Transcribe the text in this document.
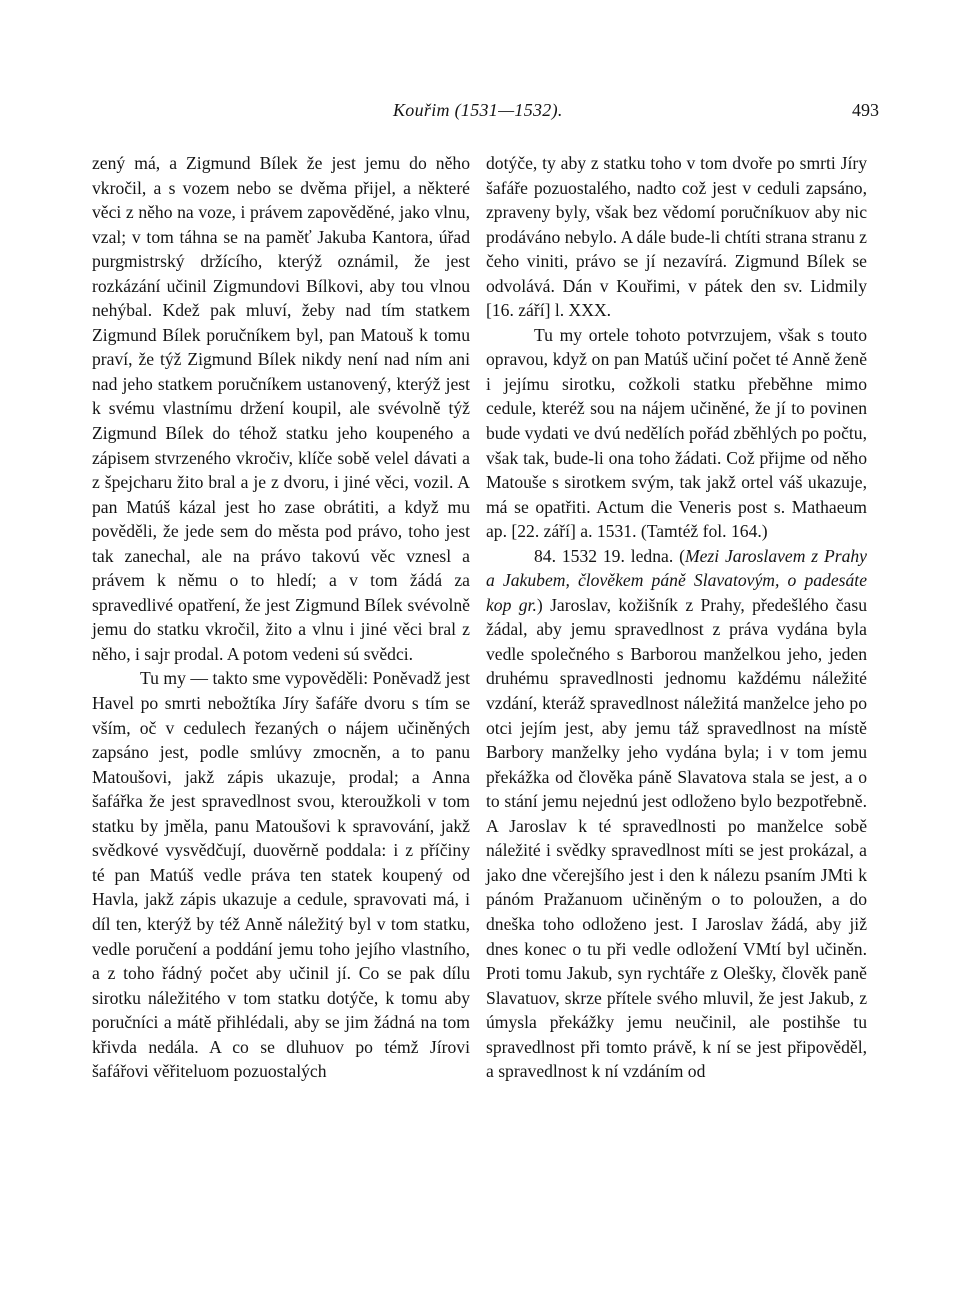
Kouřim (1531—1532).	493

zený má, a Zigmund Bílek že jest jemu do něho vkročil, a s vozem nebo se dvěma přijel, a některé věci z něho na voze, i právem zapověděné, jako vlnu, vzal; v tom táhna se na paměť Jakuba Kantora, úřad purgmistrský držícího, kterýž oznámil, že jest rozkázání učinil Zigmundovi Bílkovi, aby tou vlnou nehýbal. Kdež pak mluví, žeby nad tím statkem Zigmund Bílek poručníkem byl, pan Matouš k tomu praví, že týž Zigmund Bílek nikdy není nad ním ani nad jeho statkem poručníkem ustanovený, kterýž jest k svému vlastnímu držení koupil, ale svévolně týž Zigmund Bílek do téhož statku jeho koupeného a zápisem stvrzeného vkročiv, klíče sobě velel dávati a z špejcharu žito bral a je z dvoru, i jiné věci, vozil. A pan Matúš kázal jest ho zase obrátiti, a když mu pověděli, že jede sem do města pod právo, toho jest tak zanechal, ale na právo takovú věc vznesl a právem k němu o to hledí; a v tom žádá za spravedlivé opatření, že jest Zigmund Bílek svévolně jemu do statku vkročil, žito a vlnu i jiné věci bral z něho, i sajr prodal. A potom vedeni sú svědci.

Tu my — takto sme vypověděli: Poněvadž jest Havel po smrti nebožtíka Jíry šafáře dvoru s tím se vším, oč v cedulech řezaných o nájem učiněných zapsáno jest, podle smlúvy zmocněn, a to panu Matoušovi, jakž zápis ukazuje, prodal; a Anna šafářka že jest spravedlnost svou, kteroužkoli v tom statku by jměla, panu Matoušovi k spravování, jakž svědkové vysvědčují, duověrně poddala: i z příčiny té pan Matúš vedle práva ten statek koupený od Havla, jakž zápis ukazuje a cedule, spravovati má, i díl ten, kterýž by též Anně náležitý byl v tom statku, vedle poručení a poddání jemu toho jejího vlastního, a z toho řádný počet aby učinil jí. Co se pak dílu sirotku náležitého v tom statku dotýče, k tomu aby poručníci a mátě přihlédali, aby se jim žádná na tom křivda nedála. A co se dluhuov po témž Jírovi šafářovi věřiteluom pozuostalých

dotýče, ty aby z statku toho v tom dvoře po smrti Jíry šafáře pozuostalého, nadto což jest v ceduli zapsáno, zpraveny byly, však bez vědomí poručníkuov aby nic prodáváno nebylo. A dále bude-li chtíti strana stranu z čeho viniti, právo se jí nezavírá. Zigmund Bílek se odvolává. Dán v Kouřimi, v pátek den sv. Lidmily [16. září] l. XXX.

Tu my ortele tohoto potvrzujem, však s touto opravou, když on pan Matúš učiní počet té Anně ženě i jejímu sirotku, cožkoli statku přeběhne mimo cedule, kteréž sou na nájem učiněné, že jí to povinen bude vydati ve dvú nedělích pořád zběhlých po počtu, však tak, bude-li ona toho žádati. Což přijme od něho Matouše s sirotkem svým, tak jakž ortel váš ukazuje, má se opatřiti. Actum die Veneris post s. Mathaeum ap. [22. září] a. 1531. (Tamtéž fol. 164.)

84. 1532 19. ledna. (Mezi Jaroslavem z Prahy a Jakubem, člověkem páně Slavatovým, o padesáte kop gr.) Jaroslav, kožišník z Prahy, předešlého času žádal, aby jemu spravedlnost z práva vydána byla vedle společného s Barborou manželkou jeho, jeden druhému spravedlnosti jednomu každému náležité vzdání, kteráž spravedlnost náležitá manželce jeho po otci jejím jest, aby jemu táž spravedlnost na místě Barbory manželky jeho vydána byla; i v tom jemu překážka od člověka páně Slavatova stala se jest, a o to stání jemu nejednú jest odloženo bylo bezpotřebně. A Jaroslav k té spravedlnosti po manželce sobě náležité i svědky spravedlnost míti se jest prokázal, a jako dne včerejšího jest i den k nálezu psaním JMti k pánóm Pražanuom učiněným o to poloužen, a do dneška toho odloženo jest. I Jaroslav žádá, aby již dnes konec o tu při vedle odložení VMtí byl učiněn. Proti tomu Jakub, syn rychtáře z Olešky, člověk paně Slavatuov, skrze přítele svého mluvil, že jest Jakub, z úmysla překážky jemu neučinil, ale postihše tu spravedlnost při tomto právě, k ní se jest připověděl, a spravedlnost k ní vzdáním od
